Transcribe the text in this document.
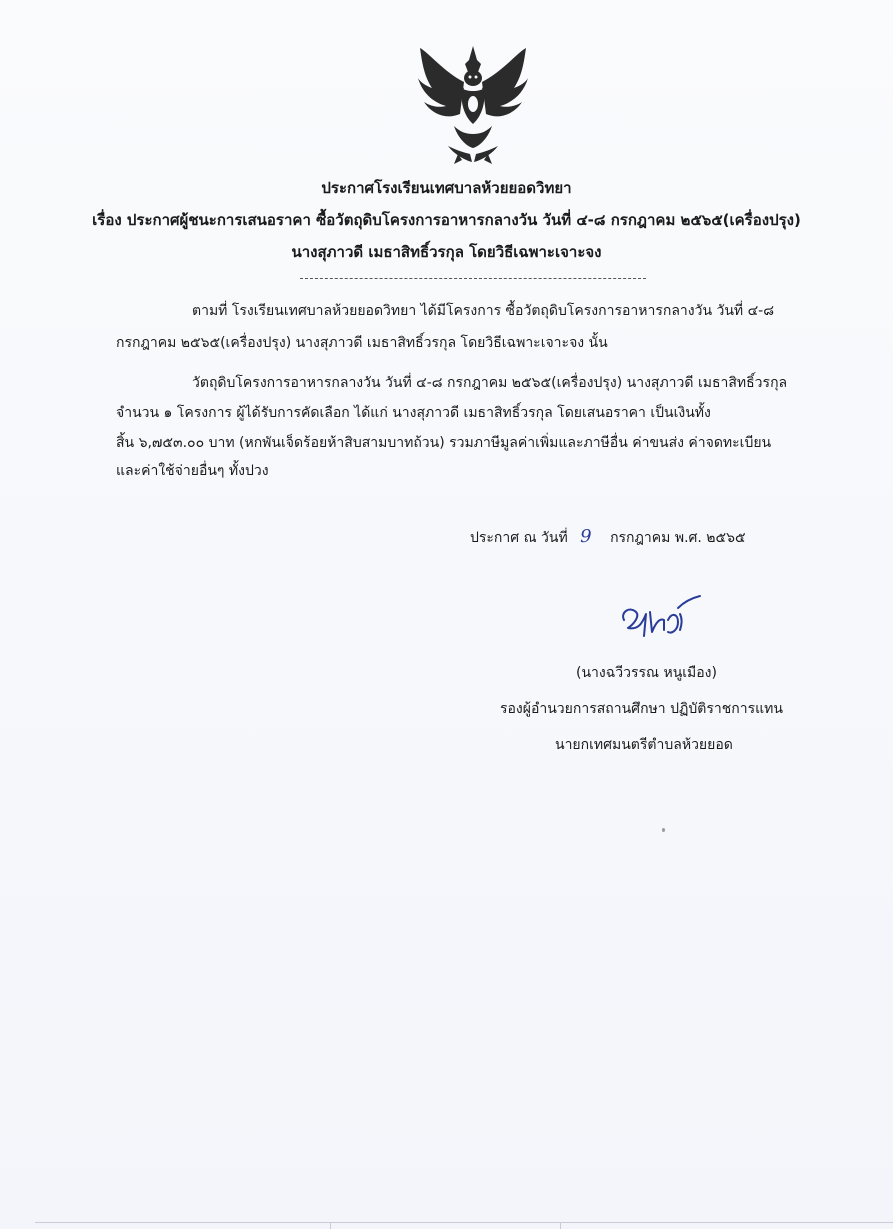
ประกาศโรงเรียนเทศบาลห้วยยอดวิทยา
เรื่อง ประกาศผู้ชนะการเสนอราคา ซื้อวัตถุดิบโครงการอาหารกลางวัน วันที่ ๔-๘ กรกฎาคม ๒๕๖๕(เครื่องปรุง)
นางสุภาวดี เมธาสิทธิ์วรกุล โดยวิธีเฉพาะเจาะจง
ตามที่ โรงเรียนเทศบาลห้วยยอดวิทยา ได้มีโครงการ ซื้อวัตถุดิบโครงการอาหารกลางวัน วันที่ ๔-๘
กรกฎาคม ๒๕๖๕(เครื่องปรุง) นางสุภาวดี เมธาสิทธิ์วรกุล โดยวิธีเฉพาะเจาะจง นั้น
วัตถุดิบโครงการอาหารกลางวัน วันที่ ๔-๘ กรกฎาคม ๒๕๖๕(เครื่องปรุง) นางสุภาวดี เมธาสิทธิ์วรกุล
จำนวน ๑ โครงการ ผู้ได้รับการคัดเลือก ได้แก่ นางสุภาวดี เมธาสิทธิ์วรกุล โดยเสนอราคา เป็นเงินทั้ง
สิ้น ๖,๗๕๓.๐๐ บาท (หกพันเจ็ดร้อยห้าสิบสามบาทถ้วน) รวมภาษีมูลค่าเพิ่มและภาษีอื่น ค่าขนส่ง ค่าจดทะเบียน
และค่าใช้จ่ายอื่นๆ ทั้งปวง
ประกาศ ณ วันที่ 9 กรกฎาคม พ.ศ. ๒๕๖๕
(นางฉวีวรรณ หนูเมือง)
รองผู้อำนวยการสถานศึกษา ปฏิบัติราชการแทน
นายกเทศมนตรีตำบลห้วยยอด
